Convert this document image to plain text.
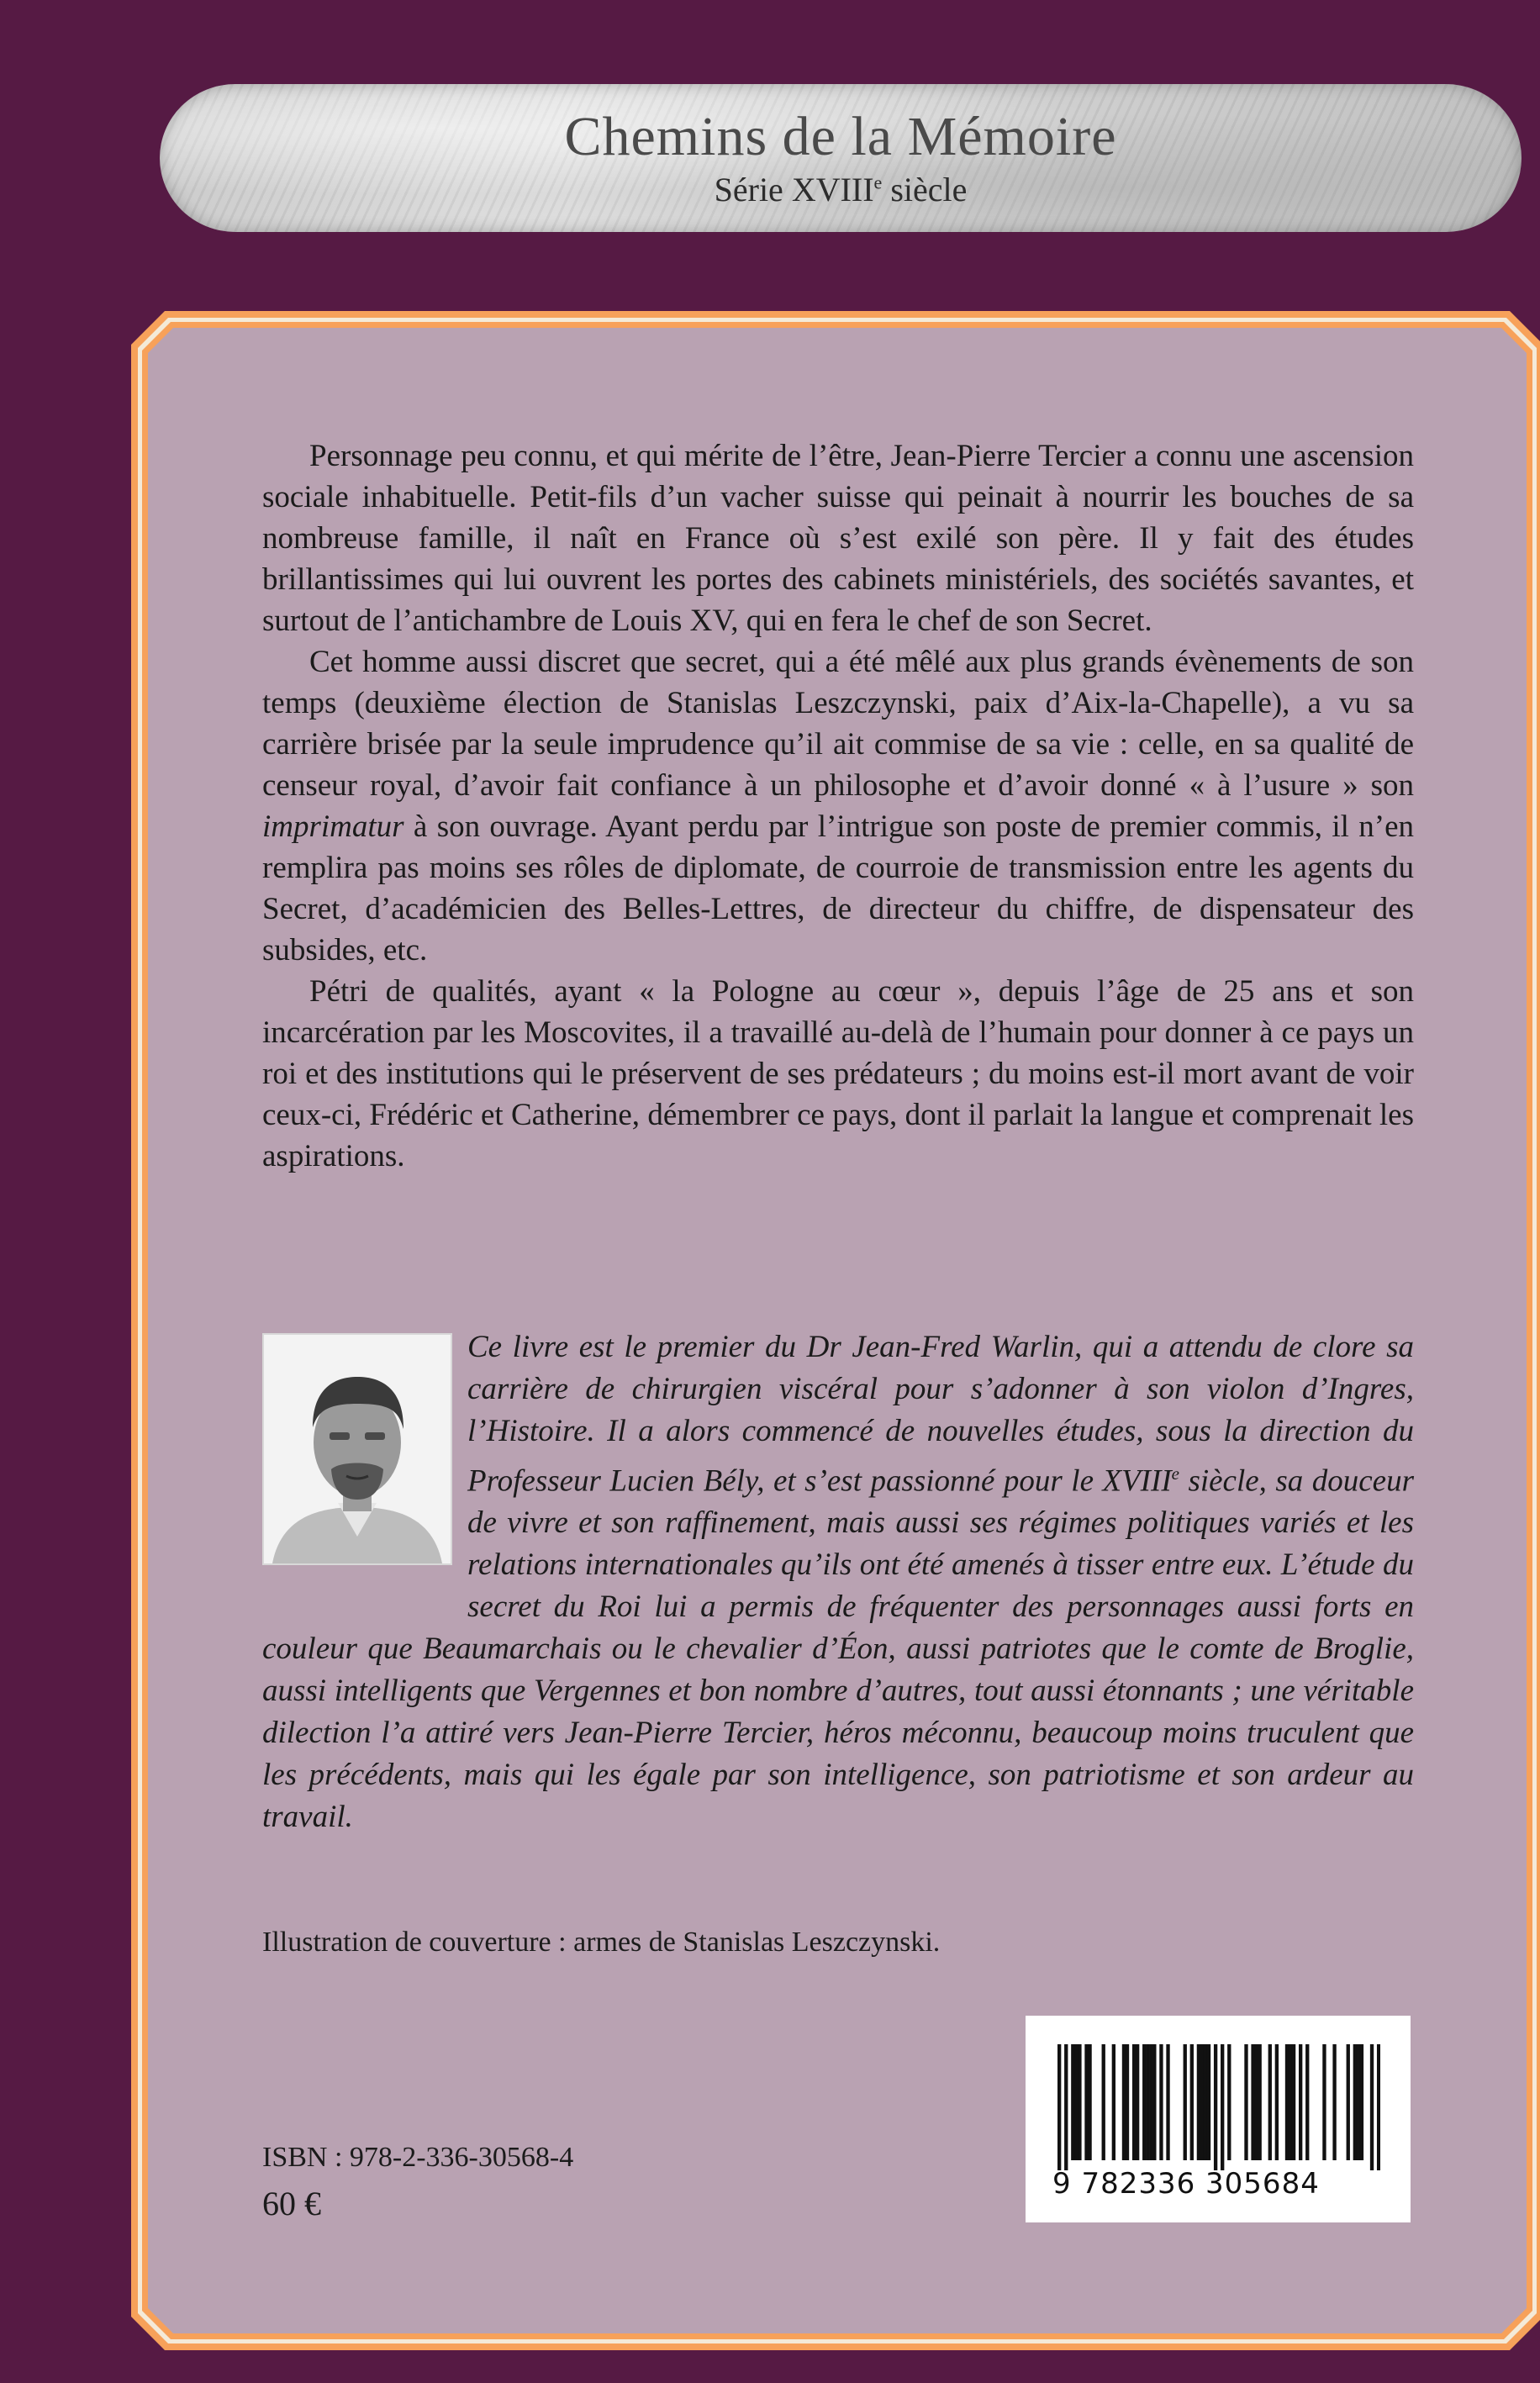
Chemins de la Mémoire
Série XVIIIe siècle

Personnage peu connu, et qui mérite de l’être, Jean-Pierre Tercier a connu une ascension sociale inhabituelle. Petit-fils d’un vacher suisse qui peinait à nourrir les bouches de sa nombreuse famille, il naît en France où s’est exilé son père. Il y fait des études brillantissimes qui lui ouvrent les portes des cabinets ministériels, des sociétés savantes, et surtout de l’antichambre de Louis XV, qui en fera le chef de son Secret.

Cet homme aussi discret que secret, qui a été mêlé aux plus grands évènements de son temps (deuxième élection de Stanislas Leszczynski, paix d’Aix-la-Chapelle), a vu sa carrière brisée par la seule imprudence qu’il ait commise de sa vie : celle, en sa qualité de censeur royal, d’avoir fait confiance à un philosophe et d’avoir donné « à l’usure » son imprimatur à son ouvrage. Ayant perdu par l’intrigue son poste de premier commis, il n’en remplira pas moins ses rôles de diplomate, de courroie de transmission entre les agents du Secret, d’académicien des Belles-Lettres, de directeur du chiffre, de dispensateur des subsides, etc.

Pétri de qualités, ayant « la Pologne au cœur », depuis l’âge de 25 ans et son incarcération par les Moscovites, il a travaillé au-delà de l’humain pour donner à ce pays un roi et des institutions qui le préservent de ses prédateurs ; du moins est-il mort avant de voir ceux-ci, Frédéric et Catherine, démembrer ce pays, dont il parlait la langue et comprenait les aspirations.

Ce livre est le premier du Dr Jean-Fred Warlin, qui a attendu de clore sa carrière de chirurgien viscéral pour s’adonner à son violon d’Ingres, l’Histoire. Il a alors commencé de nouvelles études, sous la direction du Professeur Lucien Bély, et s’est passionné pour le XVIIIe siècle, sa douceur de vivre et son raffinement, mais aussi ses régimes politiques variés et les relations internationales qu’ils ont été amenés à tisser entre eux. L’étude du secret du Roi lui a permis de fréquenter des personnages aussi forts en couleur que Beaumarchais ou le chevalier d’Éon, aussi patriotes que le comte de Broglie, aussi intelligents que Vergennes et bon nombre d’autres, tout aussi étonnants ; une véritable dilection l’a attiré vers Jean-Pierre Tercier, héros méconnu, beaucoup moins truculent que les précédents, mais qui les égale par son intelligence, son patriotisme et son ardeur au travail.
Illustration de couverture : armes de Stanislas Leszczynski.
9 782336 305684
ISBN : 978-2-336-30568-4
60 €
